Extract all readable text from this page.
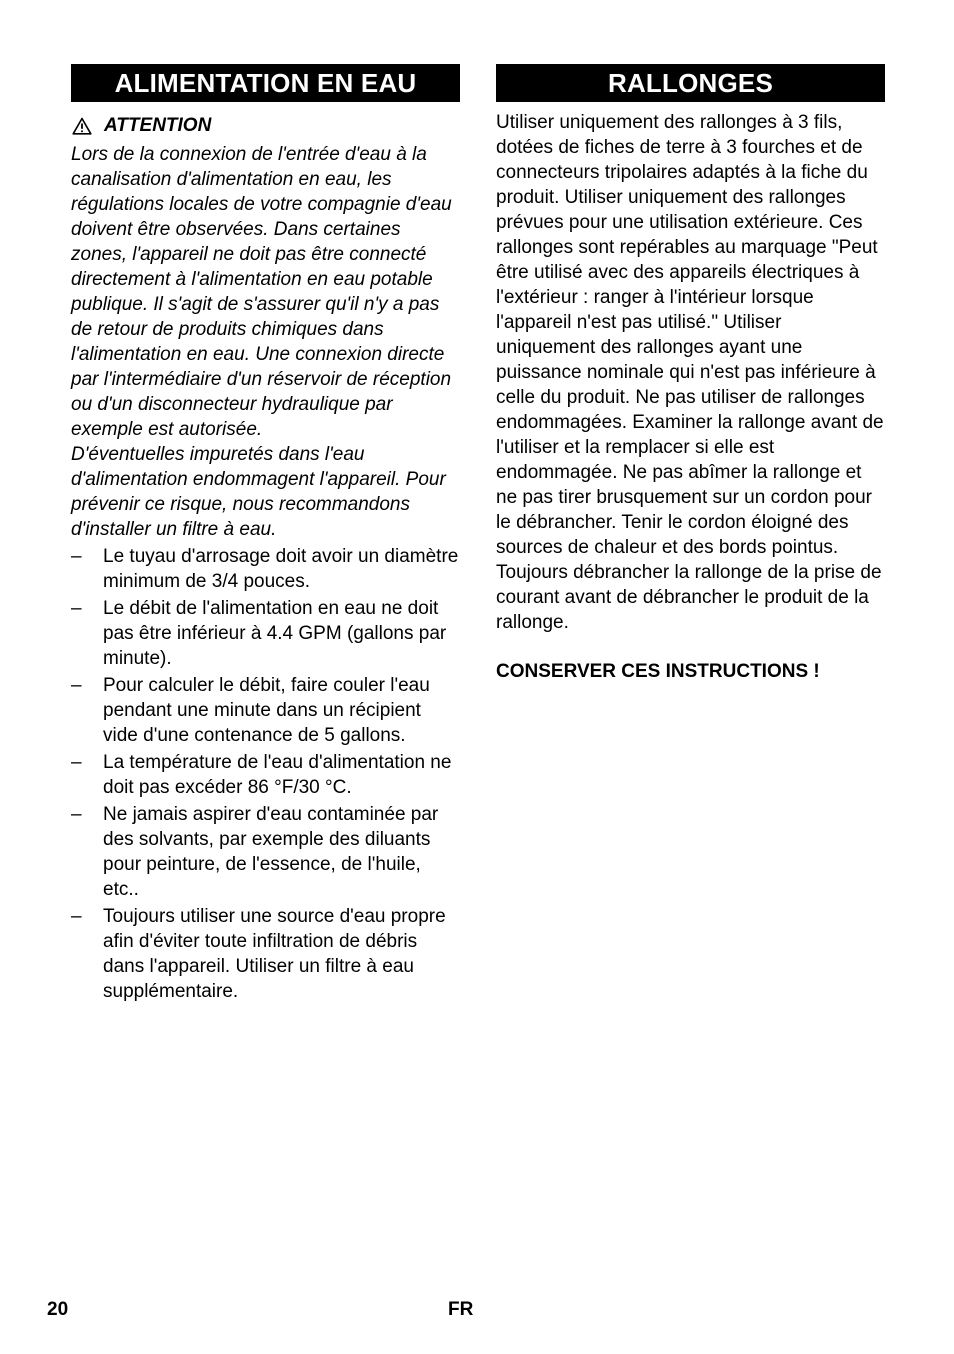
ALIMENTATION EN EAU
ATTENTION

Lors de la connexion de l'entrée d'eau à la canalisation d'alimentation en eau, les régulations locales de votre compagnie d'eau doivent être observées. Dans certaines zones, l'appareil ne doit pas être connecté directement à l'alimentation en eau potable publique. Il s'agit de s'assurer qu'il n'y a pas de retour de produits chimiques dans l'alimentation en eau. Une connexion directe par l'intermédiaire d'un réservoir de réception ou d'un disconnecteur hydraulique par exemple est autorisée.

D'éventuelles impuretés dans l'eau d'alimentation endommagent l'appareil. Pour prévenir ce risque, nous recommandons d'installer un filtre à eau.

–	Le tuyau d'arrosage doit avoir un diamètre minimum de 3/4 pouces.
–	Le débit de l'alimentation en eau ne doit pas être inférieur à 4.4 GPM (gallons par minute).
–	Pour calculer le débit, faire couler l'eau pendant une minute dans un récipient vide d'une contenance de 5 gallons.
–	La température de l'eau d'alimentation ne doit pas excéder 86 °F/30 °C.
–	Ne jamais aspirer d'eau contaminée par des solvants, par exemple des diluants pour peinture, de l'essence, de l'huile, etc..
–	Toujours utiliser une source d'eau propre afin d'éviter toute infiltration de débris dans l'appareil. Utiliser un filtre à eau supplémentaire.
RALLONGES

Utiliser uniquement des rallonges à 3 fils, dotées de fiches de terre à 3 fourches et de connecteurs tripolaires adaptés à la fiche du produit. Utiliser uniquement des rallonges prévues pour une utilisation extérieure. Ces rallonges sont repérables au marquage "Peut être utilisé avec des appareils électriques à l'extérieur : ranger à l'intérieur lorsque l'appareil n'est pas utilisé." Utiliser uniquement des rallonges ayant une puissance nominale qui n'est pas inférieure à celle du produit. Ne pas utiliser de rallonges endommagées. Examiner la rallonge avant de l'utiliser et la remplacer si elle est endommagée. Ne pas abîmer la rallonge et ne pas tirer brusquement sur un cordon pour le débrancher. Tenir le cordon éloigné des sources de chaleur et des bords pointus. Toujours débrancher la rallonge de la prise de courant avant de débrancher le produit de la rallonge.

CONSERVER CES INSTRUCTIONS !
20	FR
